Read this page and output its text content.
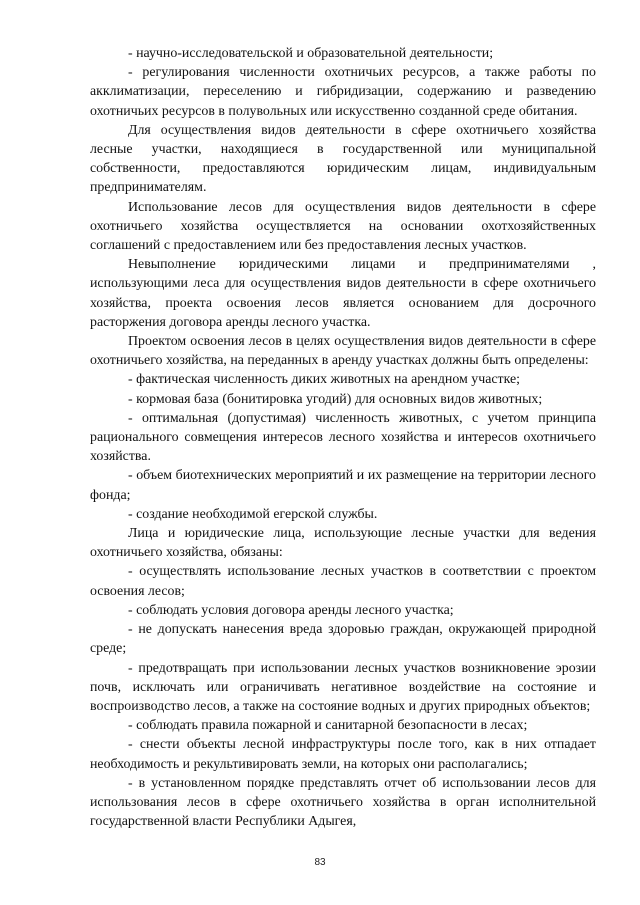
- научно-исследовательской и образовательной деятельности;

- регулирования численности охотничьих ресурсов, а также работы по акклиматизации, переселению и гибридизации, содержанию и разведению охотничьих ресурсов в полувольных или искусственно созданной среде обитания.

Для осуществления видов деятельности в сфере охотничьего хозяйства лесные участки, находящиеся в государственной или муниципальной собственности, предоставляются юридическим лицам, индивидуальным предпринимателям.

Использование лесов для осуществления видов деятельности в сфере охотничьего хозяйства осуществляется на основании охотхозяйственных соглашений с предоставлением или без предоставления лесных участков.

Невыполнение юридическими лицами и предпринимателями , использующими леса для осуществления видов деятельности в сфере охотничьего хозяйства, проекта освоения лесов является основанием для досрочного расторжения договора аренды лесного участка.

Проектом освоения лесов в целях осуществления видов деятельности в сфере охотничьего хозяйства, на переданных в аренду участках должны быть определены:

- фактическая численность диких животных на арендном участке;

- кормовая база (бонитировка угодий) для основных видов животных;

- оптимальная (допустимая) численность животных, с учетом принципа рационального совмещения интересов лесного хозяйства и интересов охотничьего хозяйства.

- объем биотехнических мероприятий и их размещение на территории лесного фонда;

- создание необходимой егерской службы.

Лица и юридические лица, использующие лесные участки для ведения охотничьего хозяйства, обязаны:

- осуществлять использование лесных участков в соответствии с проектом освоения лесов;

- соблюдать условия договора аренды лесного участка;

- не допускать нанесения вреда здоровью граждан, окружающей природной среде;

- предотвращать при использовании лесных участков возникновение эрозии почв, исключать или ограничивать негативное воздействие на состояние и воспроизводство лесов, а также на состояние водных и других природных объектов;

- соблюдать правила пожарной и санитарной безопасности в лесах;

- снести объекты лесной инфраструктуры после того, как в них отпадает необходимость и рекультивировать земли, на которых они располагались;

- в установленном порядке представлять отчет об использовании лесов для использования лесов в сфере охотничьего хозяйства в орган исполнительной государственной власти Республики Адыгея,

83
